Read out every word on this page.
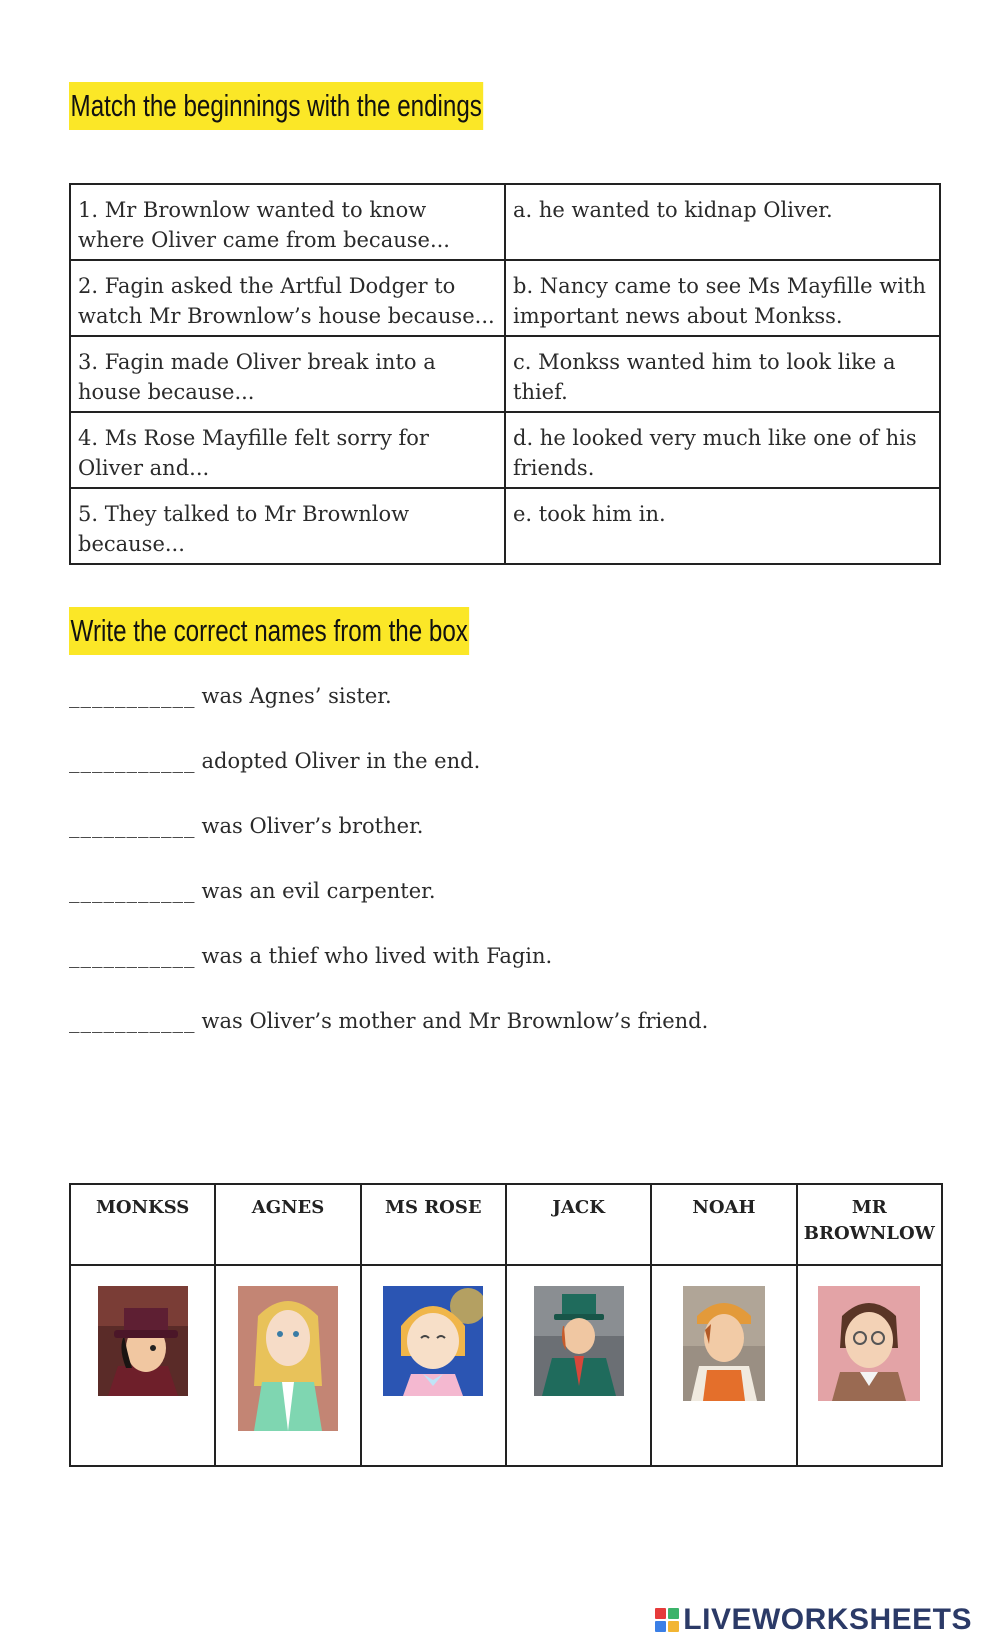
Match the beginnings with the endings
1. Mr Brownlow wanted to know where Oliver came from because...	a. he wanted to kidnap Oliver.
2. Fagin asked the Artful Dodger to watch Mr Brownlow’s house because...	b. Nancy came to see Ms Mayfille with important news about Monkss.
3. Fagin made Oliver break into a house because...	c. Monkss wanted him to look like a thief.
4. Ms Rose Mayfille felt sorry for Oliver and...	d. he looked very much like one of his friends.
5. They talked to Mr Brownlow because...	e. took him in.
Write the correct names from the box
___________ was Agnes’ sister.
___________ adopted Oliver in the end.
___________ was Oliver’s brother.
___________ was an evil carpenter.
___________ was a thief who lived with Fagin.
___________ was Oliver’s mother and Mr Brownlow’s friend.
MONKSS	AGNES	MS ROSE	JACK	NOAH	MR BROWNLOW

LIVEWORKSHEETS
